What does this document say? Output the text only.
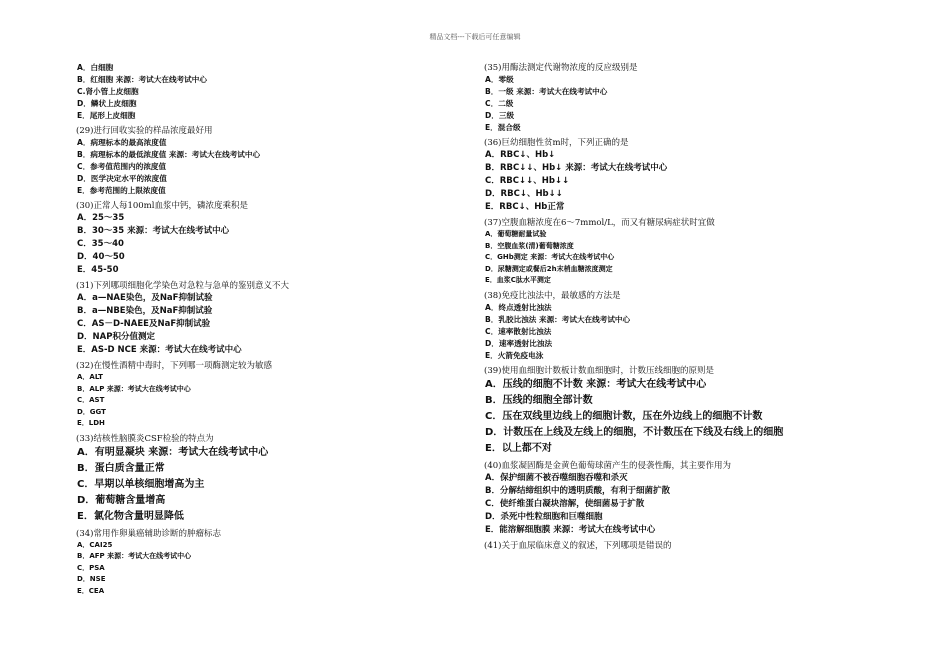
精品文档---下载后可任意编辑
A．白细胞
B．红细胞 来源：考试大在线考试中心
C.肾小管上皮细胞
D．鳞状上皮细胞
E．尾形上皮细胞
(29)进行回收实验的样品浓度最好用
A．病理标本的最高浓度值
B．病理标本的最低浓度值 来源：考试大在线考试中心
C．参考值范围内的浓度值
D．医学决定水平的浓度值
E．参考范围的上限浓度值
(30)正常人每100ml血浆中钙，磷浓度乘积是
A．25～35
B．30～35 来源：考试大在线考试中心
C．35～40
D．40～50
E．45-50
(31)下列哪项细胞化学染色对急粒与急单的鉴别意义不大
A．a—NAE染色，及NaF抑制试验
B．a—NBE染色，及NaF抑制试验
C．AS－D-NAEE及NaF抑制试验
D．NAP积分值测定
E．AS-D NCE 来源：考试大在线考试中心
(32)在慢性酒精中毒时，下列哪一项酶测定较为敏感
A．ALT
B．ALP 来源：考试大在线考试中心
C．AST
D．GGT
E．LDH
(33)结核性脑膜炎CSF检验的特点为
A．有明显凝块 来源：考试大在线考试中心
B．蛋白质含量正常
C．早期以单核细胞增高为主
D．葡萄糖含量增高
E．氯化物含量明显降低
(34)常用作卵巢癌辅助诊断的肿瘤标志
A．CAI25
B．AFP 来源：考试大在线考试中心
C．PSA
D．NSE
E．CEA
(35)用酶法测定代谢物浓度的反应级别是
A．零级
B．一级 来源：考试大在线考试中心
C．二级
D．三级
E．混合级
(36)巨幼细胞性贫m时，下列正确的是
A．RBC↓、Hb↓
B．RBC↓↓、Hb↓ 来源：考试大在线考试中心
C．RBC↓↓、Hb↓↓
D．RBC↓、Hb↓↓
E．RBC↓、Hb正常
(37)空腹血糖浓度在6～7mmol/L，而又有糖尿病症状时宜做
A．葡萄糖耐量试验
B．空腹血浆(清)葡萄糖浓度
C．GHb测定 来源：考试大在线考试中心
D．尿糖测定或餐后2h末梢血糖浓度测定
E．血浆C肽水平测定
(38)免疫比浊法中，最敏感的方法是
A．终点透射比浊法
B．乳胶比浊法 来源：考试大在线考试中心
C．速率散射比浊法
D．速率透射比浊法
E．火箭免疫电泳
(39)使用血细胞计数板计数血细胞时，计数压线细胞的原则是
A．压线的细胞不计数 来源：考试大在线考试中心
B．压线的细胞全部计数
C．压在双线里边线上的细胞计数，压在外边线上的细胞不计数
D．计数压在上线及左线上的细胞，不计数压在下线及右线上的细胞
E．以上都不对
(40)血浆凝固酶是金黄色葡萄球菌产生的侵袭性酶，其主要作用为
A．保护细菌不被吞噬细胞吞噬和杀灭
B．分解结缔组织中的透明质酸，有利于细菌扩散
C．使纤维蛋白凝块溶解，使细菌易于扩散
D．杀死中性粒细胞和巨噬细胞
E．能溶解细胞膜 来源：考试大在线考试中心
(41)关于血尿临床意义的叙述，下列哪项是错误的
